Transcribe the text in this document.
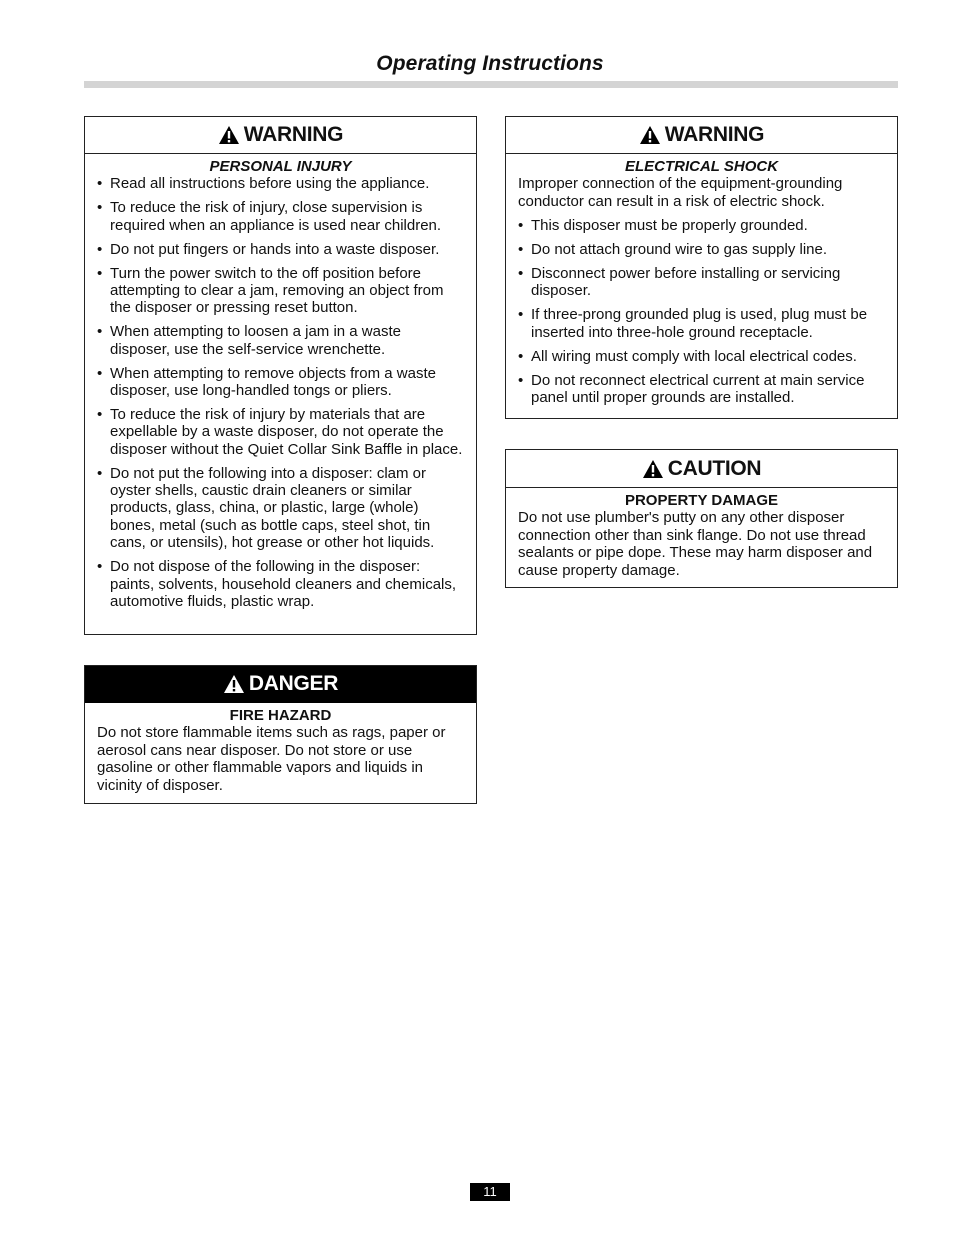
Operating Instructions
WARNING
PERSONAL INJURY
• Read all instructions before using the appliance.
• To reduce the risk of injury, close supervision is required when an appliance is used near children.
• Do not put fingers or hands into a waste disposer.
• Turn the power switch to the off position before attempting to clear a jam, removing an object from the disposer or pressing reset button.
• When attempting to loosen a jam in a waste disposer, use the self-service wrenchette.
• When attempting to remove objects from a waste disposer, use long-handled tongs or pliers.
• To reduce the risk of injury by materials that are expellable by a waste disposer, do not operate the disposer without the Quiet Collar Sink Baffle in place.
• Do not put the following into a disposer: clam or oyster shells, caustic drain cleaners or similar products, glass, china, or plastic, large (whole) bones, metal (such as bottle caps, steel shot, tin cans, or utensils), hot grease or other hot liquids.
• Do not dispose of the following in the disposer: paints, solvents, household cleaners and chemicals, automotive fluids, plastic wrap.
DANGER
FIRE HAZARD
Do not store flammable items such as rags, paper or aerosol cans near disposer. Do not store or use gasoline or other flammable vapors and liquids in vicinity of disposer.
WARNING
ELECTRICAL SHOCK
Improper connection of the equipment-grounding conductor can result in a risk of electric shock.
• This disposer must be properly grounded.
• Do not attach ground wire to gas supply line.
• Disconnect power before installing or servicing disposer.
• If three-prong grounded plug is used, plug must be inserted into three-hole ground receptacle.
• All wiring must comply with local electrical codes.
• Do not reconnect electrical current at main service panel until proper grounds are installed.
CAUTION
PROPERTY DAMAGE
Do not use plumber's putty on any other disposer connection other than sink flange. Do not use thread sealants or pipe dope. These may harm disposer and cause property damage.
11
